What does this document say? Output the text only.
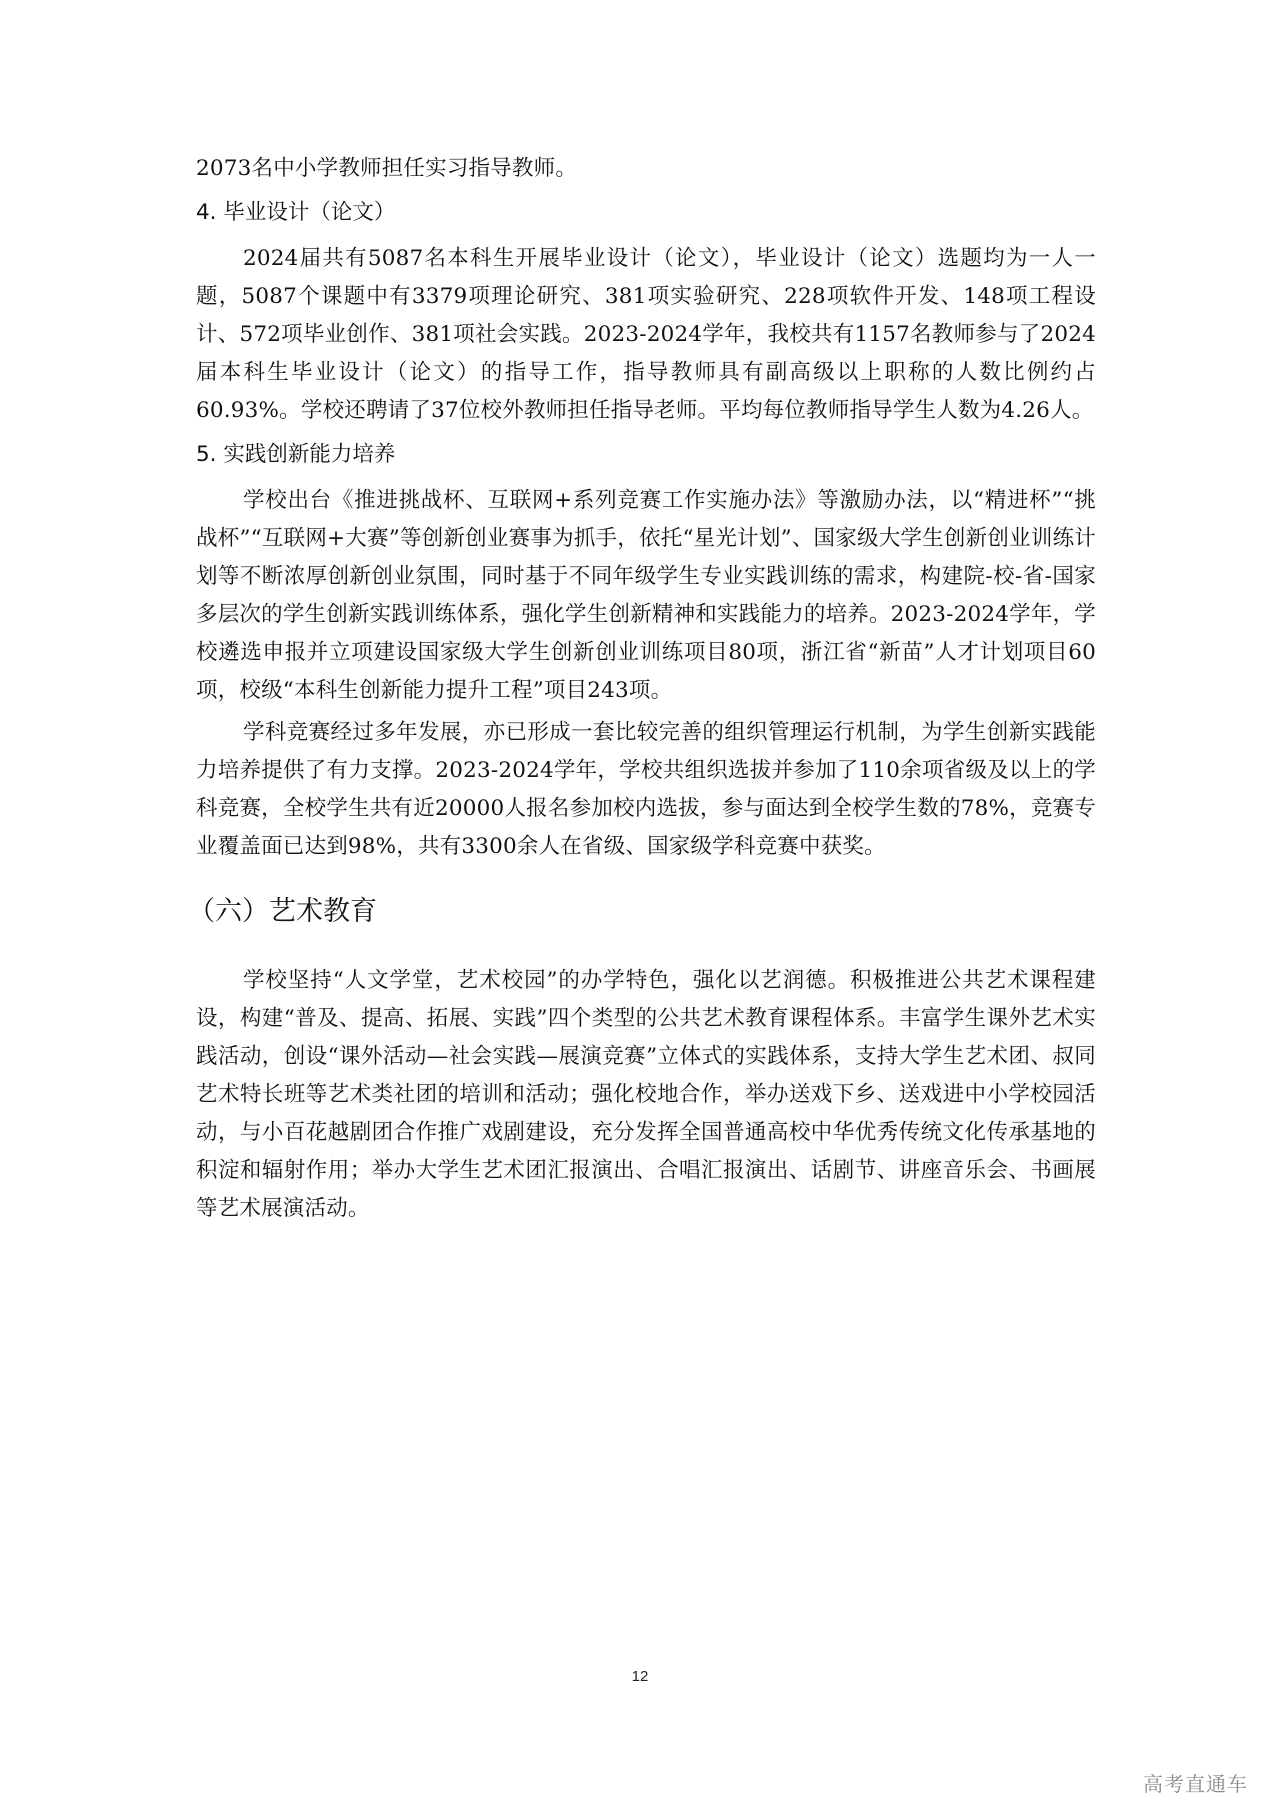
2073名中小学教师担任实习指导教师。

4. 毕业设计（论文）

2024届共有5087名本科生开展毕业设计（论文），毕业设计（论文）选题均为一人一题，5087个课题中有3379项理论研究、381项实验研究、228项软件开发、148项工程设计、572项毕业创作、381项社会实践。2023-2024学年，我校共有1157名教师参与了2024届本科生毕业设计（论文）的指导工作，指导教师具有副高级以上职称的人数比例约占60.93%。学校还聘请了37位校外教师担任指导老师。平均每位教师指导学生人数为4.26人。

5. 实践创新能力培养

学校出台《推进挑战杯、互联网+系列竞赛工作实施办法》等激励办法，以“精进杯”“挑战杯”“互联网+大赛”等创新创业赛事为抓手，依托“星光计划”、国家级大学生创新创业训练计划等不断浓厚创新创业氛围，同时基于不同年级学生专业实践训练的需求，构建院-校-省-国家多层次的学生创新实践训练体系，强化学生创新精神和实践能力的培养。2023-2024学年，学校遴选申报并立项建设国家级大学生创新创业训练项目80项，浙江省“新苗”人才计划项目60项，校级“本科生创新能力提升工程”项目243项。

学科竞赛经过多年发展，亦已形成一套比较完善的组织管理运行机制，为学生创新实践能力培养提供了有力支撑。2023-2024学年，学校共组织选拔并参加了110余项省级及以上的学科竞赛，全校学生共有近20000人报名参加校内选拔，参与面达到全校学生数的78%，竞赛专业覆盖面已达到98%，共有3300余人在省级、国家级学科竞赛中获奖。

（六）艺术教育

学校坚持“人文学堂，艺术校园”的办学特色，强化以艺润德。积极推进公共艺术课程建设，构建“普及、提高、拓展、实践”四个类型的公共艺术教育课程体系。丰富学生课外艺术实践活动，创设“课外活动—社会实践—展演竞赛”立体式的实践体系，支持大学生艺术团、叔同艺术特长班等艺术类社团的培训和活动；强化校地合作，举办送戏下乡、送戏进中小学校园活动，与小百花越剧团合作推广戏剧建设，充分发挥全国普通高校中华优秀传统文化传承基地的积淀和辐射作用；举办大学生艺术团汇报演出、合唱汇报演出、话剧节、讲座音乐会、书画展等艺术展演活动。

12
高考直通车
